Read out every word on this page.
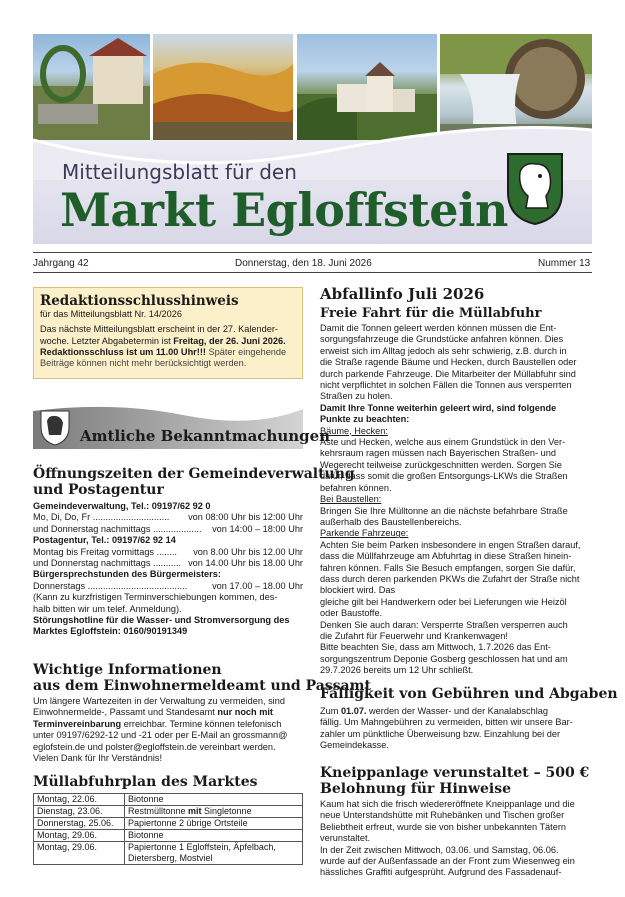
Mitteilungsblatt für den
Markt Egloffstein
Jahrgang 42	Donnerstag, den 18. Juni 2026	Nummer 13
Redaktionsschlusshinweis

für das Mitteilungsblatt Nr. 14/2026

Das nächste Mitteilungsblatt erscheint in der 27. Kalender-
woche. Letzter Abgabetermin ist Freitag, der 26. Juni 2026.
Redaktionsschluss ist um 11.00 Uhr!!! Später eingehende
Beiträge können nicht mehr berücksichtigt werden.

Amtliche Bekanntmachungen
Öffnungszeiten der Gemeindeverwaltung
und Postagentur

Gemeindeverwaltung, Tel.: 09197/62 92 0

Mo, Di, Do, Fr .............................. von 08:00 Uhr bis 12:00 Uhr
und Donnerstag nachmittags ................... von 14:00 – 18:00 Uhr

Postagentur, Tel.: 09197/62 92 14

Montag bis Freitag vormittags ........ von 8.00 Uhr bis 12.00 Uhr
und Donnerstag nachmittags ........... von 14.00 Uhr bis 18.00 Uhr

Bürgersprechstunden des Bürgermeisters:

Donnerstags .......................................	von 17.00 – 18.00 Uhr

(Kann zu kurzfristigen Terminverschiebungen kommen, des-

halb bitten wir um telef. Anmeldung).

Störungshotline für die Wasser- und Stromversorgung des

Marktes Egloffstein: 0160/90191349

Wichtige Informationen
aus dem Einwohnermeldeamt und Passamt

Um längere Wartezeiten in der Verwaltung zu vermeiden, sind

Einwohnermelde-, Passamt und Standesamt nur noch mit

Terminvereinbarung erreichbar. Termine können telefonisch

unter 09197/6292-12 und -21 oder per E-Mail an grossmann@

eglofstein.de und polster@egloffstein.de vereinbart werden.

Vielen Dank für Ihr Verständnis!

Müllabfuhrplan des Marktes
Montag, 22.06.	Biotonne
Dienstag, 23.06.	Restmülltonne mit Singletonne
Donnerstag, 25.06.	Papiertonne 2 übrige Ortsteile
Montag, 29.06.	Biotonne
Montag, 29.06.	Papiertonne 1 Egloffstein, Äpfelbach,
Dietersberg, Mostviel
Abfallinfo Juli 2026
Freie Fahrt für die Müllabfuhr

Damit die Tonnen geleert werden können müssen die Ent-

sorgungsfahrzeuge die Grundstücke anfahren können. Dies

erweist sich im Alltag jedoch als sehr schwierig, z.B. durch in

die Straße ragende Bäume und Hecken, durch Baustellen oder

durch parkende Fahrzeuge. Die Mitarbeiter der Müllabfuhr sind

nicht verpflichtet in solchen Fällen die Tonnen aus versperrten

Straßen zu holen.

Damit Ihre Tonne weiterhin geleert wird, sind folgende

Punkte zu beachten:

Bäume, Hecken:

Äste und Hecken, welche aus einem Grundstück in den Ver-

kehrsraum ragen müssen nach Bayerischen Straßen- und

Wegerecht teilweise zurückgeschnitten werden. Sorgen Sie

dafür, dass somit die großen Entsorgungs-LKWs die Straßen

befahren können.

Bei Baustellen:

Bringen Sie Ihre Mülltonne an die nächste befahrbare Straße

außerhalb des Baustellenbereichs.

Parkende Fahrzeuge:

Achten Sie beim Parken insbesondere in engen Straßen darauf,

dass die Müllfahrzeuge am Abfuhrtag in diese Straßen hinein-

fahren können. Falls Sie Besuch empfangen, sorgen Sie dafür,

dass durch deren parkenden PKWs die Zufahrt der Straße nicht

blockiert wird. Das

gleiche gilt bei Handwerkern oder bei Lieferungen wie Heizöl

oder Baustoffe.

Denken Sie auch daran: Versperrte Straßen versperren auch

die Zufahrt für Feuerwehr und Krankenwagen!

Bitte beachten Sie, dass am Mittwoch, 1.7.2026 das Ent-

sorgungszentrum Deponie Gosberg geschlossen hat und am

29.7.2026 bereits um 12 Uhr schließt.

Fälligkeit von Gebühren und Abgaben

Zum 01.07. werden der Wasser- und der Kanalabschlag

fällig. Um Mahngebühren zu vermeiden, bitten wir unsere Bar-

zahler um pünktliche Überweisung bzw. Einzahlung bei der

Gemeindekasse.

Kneippanlage verunstaltet – 500 €
Belohnung für Hinweise

Kaum hat sich die frisch wiedereröffnete Kneippanlage und die

neue Unterstandshütte mit Ruhebänken und Tischen großer

Beliebtheit erfreut, wurde sie von bisher unbekannten Tätern

verunstaltet.

In der Zeit zwischen Mittwoch, 03.06. und Samstag, 06.06.

wurde auf der Außenfassade an der Front zum Wiesenweg ein

hässliches Graffiti aufgesprüht. Aufgrund des Fassadenauf-
